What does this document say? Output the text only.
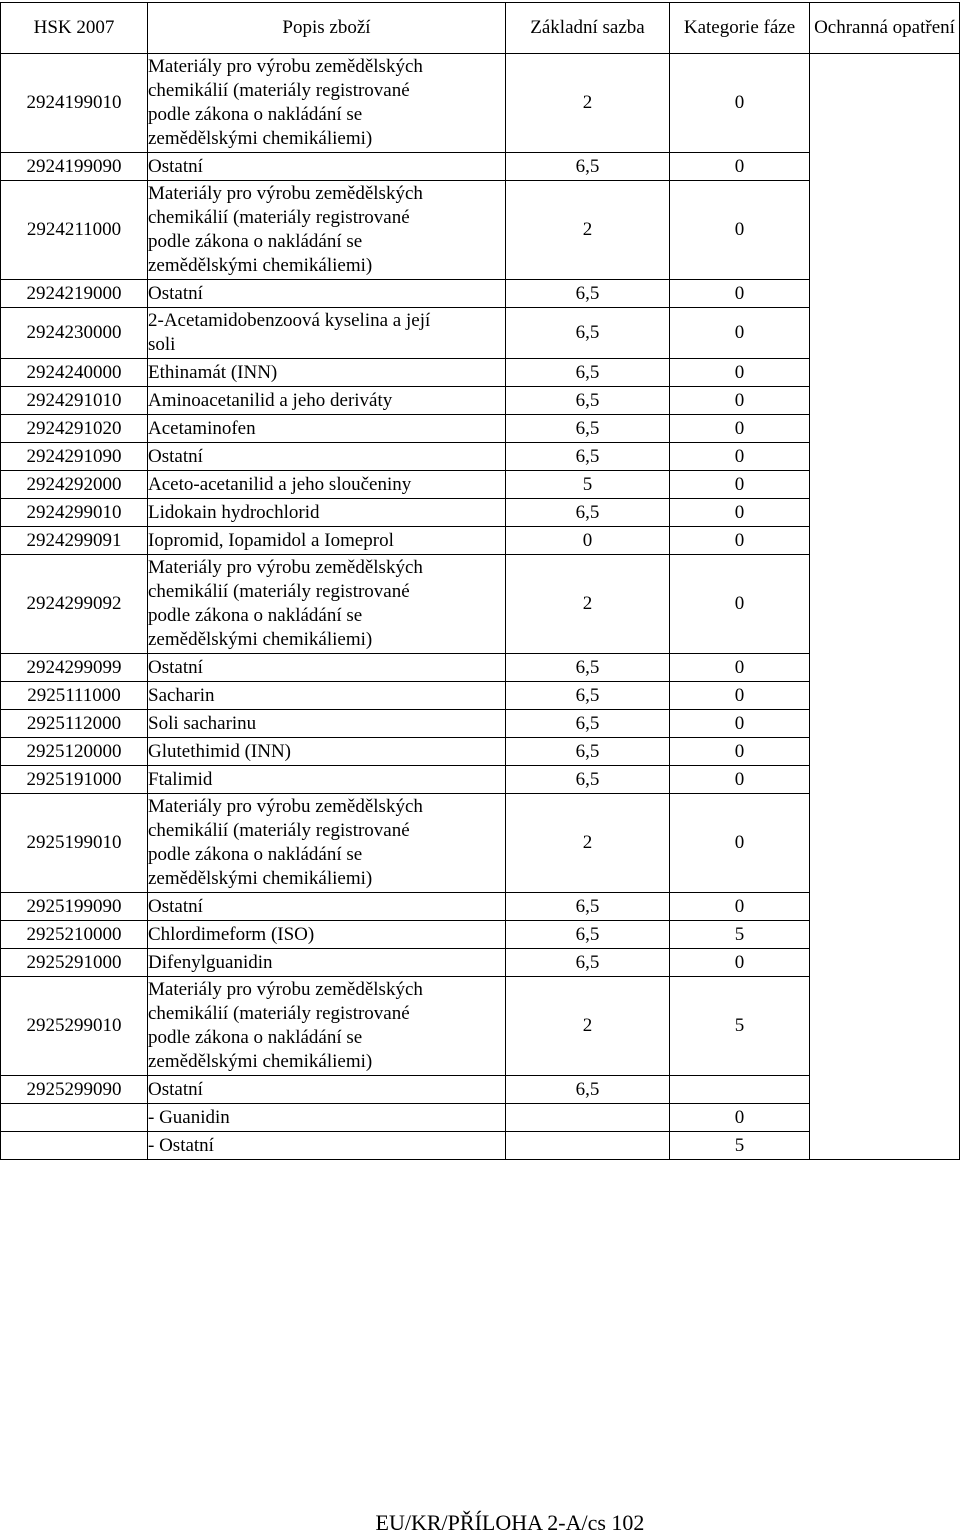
HSK 2007	Popis zboží	Základní sazba	Kategorie fáze	Ochranná opatření
2924199010	Materiály pro výrobu zemědělských
chemikálií (materiály registrované
podle zákona o nakládání se
zemědělskými chemikáliemi)	2	0	
2924199090	Ostatní	6,5	0	
2924211000	Materiály pro výrobu zemědělských
chemikálií (materiály registrované
podle zákona o nakládání se
zemědělskými chemikáliemi)	2	0	
2924219000	Ostatní	6,5	0	
2924230000	2-Acetamidobenzoová kyselina a její
soli	6,5	0	
2924240000	Ethinamát (INN)	6,5	0	
2924291010	Aminoacetanilid a jeho deriváty	6,5	0	
2924291020	Acetaminofen	6,5	0	
2924291090	Ostatní	6,5	0	
2924292000	Aceto-acetanilid a jeho sloučeniny	5	0	
2924299010	Lidokain hydrochlorid	6,5	0	
2924299091	Iopromid, Iopamidol a Iomeprol	0	0	
2924299092	Materiály pro výrobu zemědělských
chemikálií (materiály registrované
podle zákona o nakládání se
zemědělskými chemikáliemi)	2	0	
2924299099	Ostatní	6,5	0	
2925111000	Sacharin	6,5	0	
2925112000	Soli sacharinu	6,5	0	
2925120000	Glutethimid (INN)	6,5	0	
2925191000	Ftalimid	6,5	0	
2925199010	Materiály pro výrobu zemědělských
chemikálií (materiály registrované
podle zákona o nakládání se
zemědělskými chemikáliemi)	2	0	
2925199090	Ostatní	6,5	0	
2925210000	Chlordimeform (ISO)	6,5	5	
2925291000	Difenylguanidin	6,5	0	
2925299010	Materiály pro výrobu zemědělských
chemikálií (materiály registrované
podle zákona o nakládání se
zemědělskými chemikáliemi)	2	5	
2925299090	Ostatní	6,5		

	- Guanidin		0	

	- Ostatní		5	
EU/KR/PŘÍLOHA 2-A/cs 102
